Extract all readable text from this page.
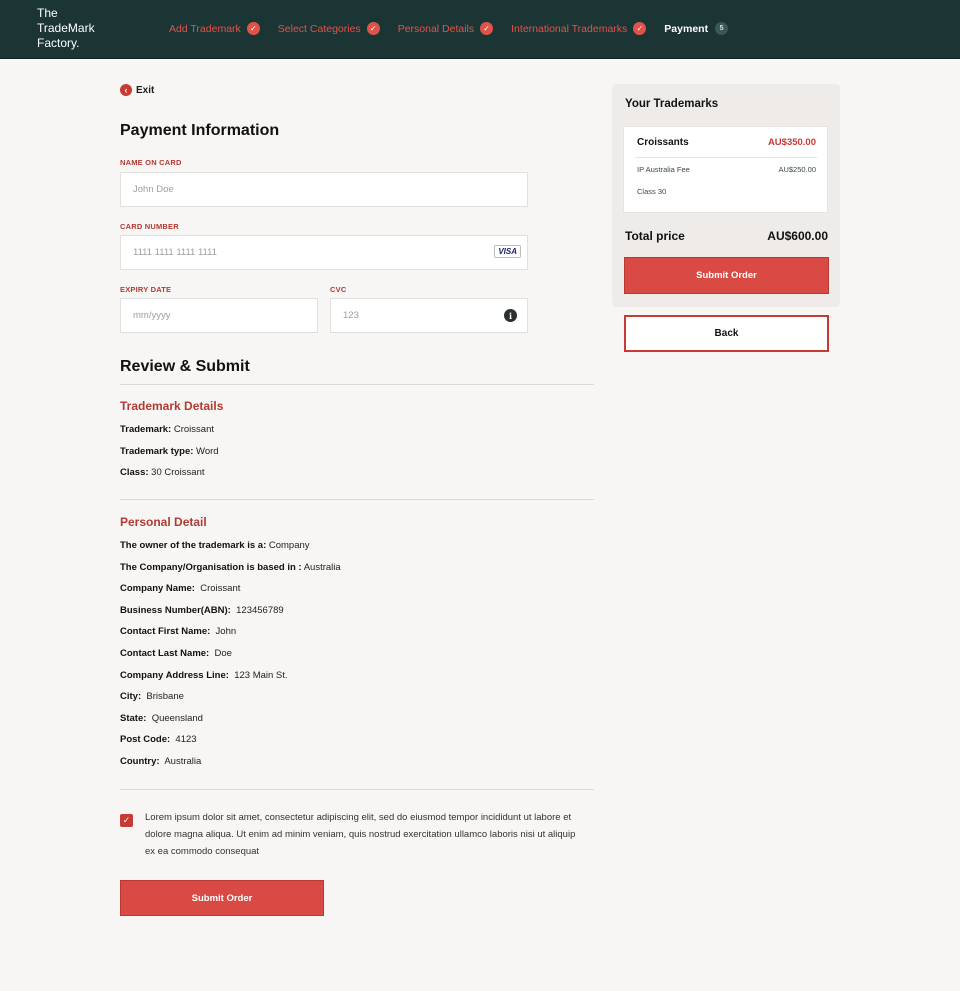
The TradeMark Factory.
Add Trademark	✓	Select Categories	✓	Personal Details	✓	International Trademarks	✓	Payment	5
‹ Exit
Payment Information
NAME ON CARD
John Doe
CARD NUMBER
1111 1111 1111 1111	VISA
EXPIRY DATE
mm/yyyy
CVC
123	i
Review & Submit
Trademark Details
Trademark: Croissant
Trademark type: Word
Class: 30 Croissant
Personal Detail
The owner of the trademark is a: Company
The Company/Organisation is based in : Australia
Company Name: Croissant
Business Number(ABN): 123456789
Contact First Name: John
Contact Last Name: Doe
Company Address Line: 123 Main St.
City: Brisbane
State: Queensland
Post Code: 4123
Country: Australia
✓ Lorem ipsum dolor sit amet, consectetur adipiscing elit, sed do eiusmod tempor incididunt ut labore et dolore magna aliqua. Ut enim ad minim veniam, quis nostrud exercitation ullamco laboris nisi ut aliquip ex ea commodo consequat
Submit Order
Your Trademarks
Croissants	AU$350.00
IP Australia Fee	AU$250.00
Class 30
Total price	AU$600.00
Submit Order
Back
